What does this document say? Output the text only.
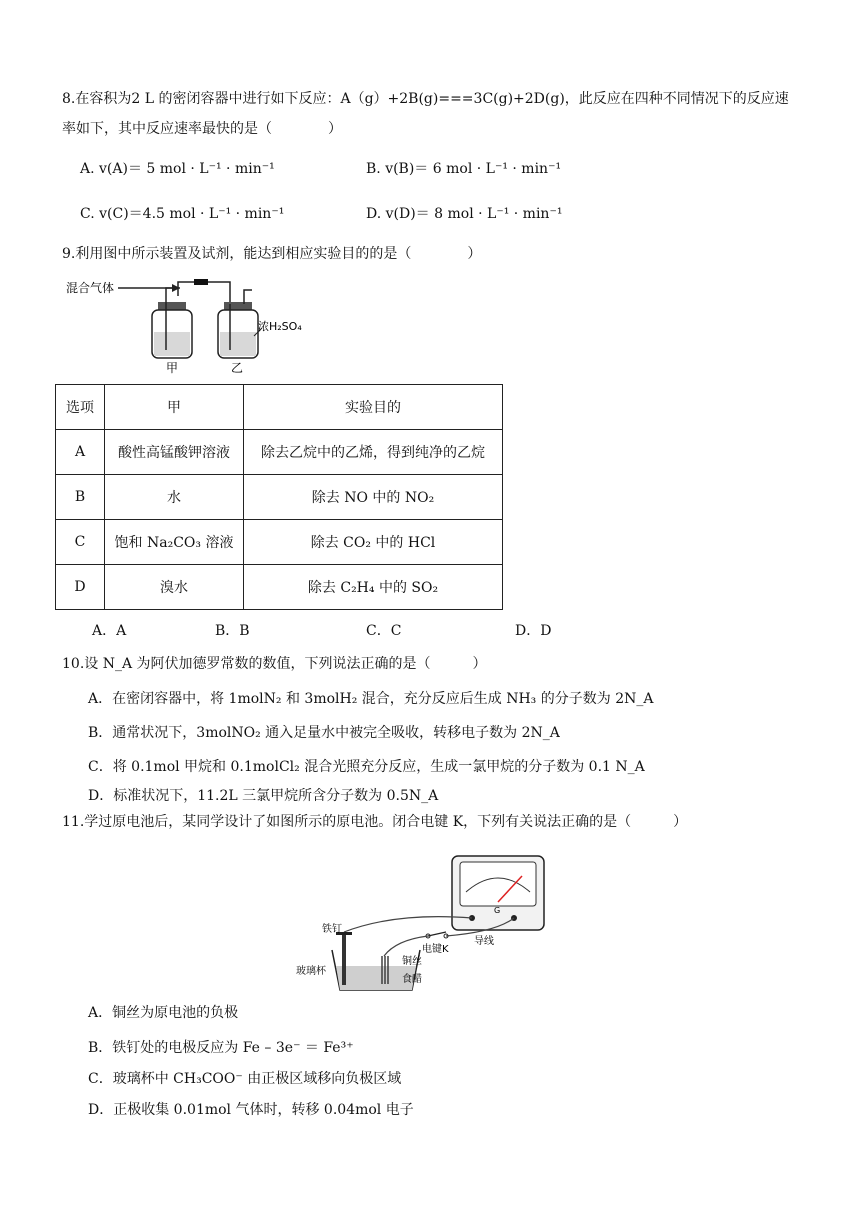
8.在容积为2 L 的密闭容器中进行如下反应：A（g）+2B(g)===3C(g)+2D(g)，此反应在四种不同情况下的反应速
率如下，其中反应速率最快的是（　　　　）
A. v(A)＝ 5 mol · L⁻¹ · min⁻¹	B. v(B)＝ 6 mol · L⁻¹ · min⁻¹
C. v(C)＝4.5 mol · L⁻¹ · min⁻¹	D. v(D)＝ 8 mol · L⁻¹ · min⁻¹
9.利用图中所示装置及试剂，能达到相应实验目的的是（　　　　）
混合气体
浓H₂SO₄
甲	乙
选项	甲	实验目的
A	酸性高锰酸钾溶液	除去乙烷中的乙烯，得到纯净的乙烷
B	水	除去 NO 中的 NO₂
C	饱和 Na₂CO₃ 溶液	除去 CO₂ 中的 HCl
D	溴水	除去 C₂H₄ 中的 SO₂
A．A	B．B	C．C	D．D
10.设 N_A 为阿伏加德罗常数的数值，下列说法正确的是（　　　）
A．在密闭容器中，将 1molN₂ 和 3molH₂ 混合，充分反应后生成 NH₃ 的分子数为 2N_A
B．通常状况下，3molNO₂ 通入足量水中被完全吸收，转移电子数为 2N_A
C．将 0.1mol 甲烷和 0.1molCl₂ 混合光照充分反应，生成一氯甲烷的分子数为 0.1 N_A
D．标准状况下，11.2L 三氯甲烷所含分子数为 0.5N_A
11.学过原电池后，某同学设计了如图所示的原电池。闭合电键 K，下列有关说法正确的是（　　　）
G
铁钉
玻璃杯
铜丝
食醋
电键K
导线
A．铜丝为原电池的负极
B．铁钉处的电极反应为 Fe – 3e⁻ ＝ Fe³⁺
C．玻璃杯中 CH₃COO⁻ 由正极区域移向负极区域
D．正极收集 0.01mol 气体时，转移 0.04mol 电子
